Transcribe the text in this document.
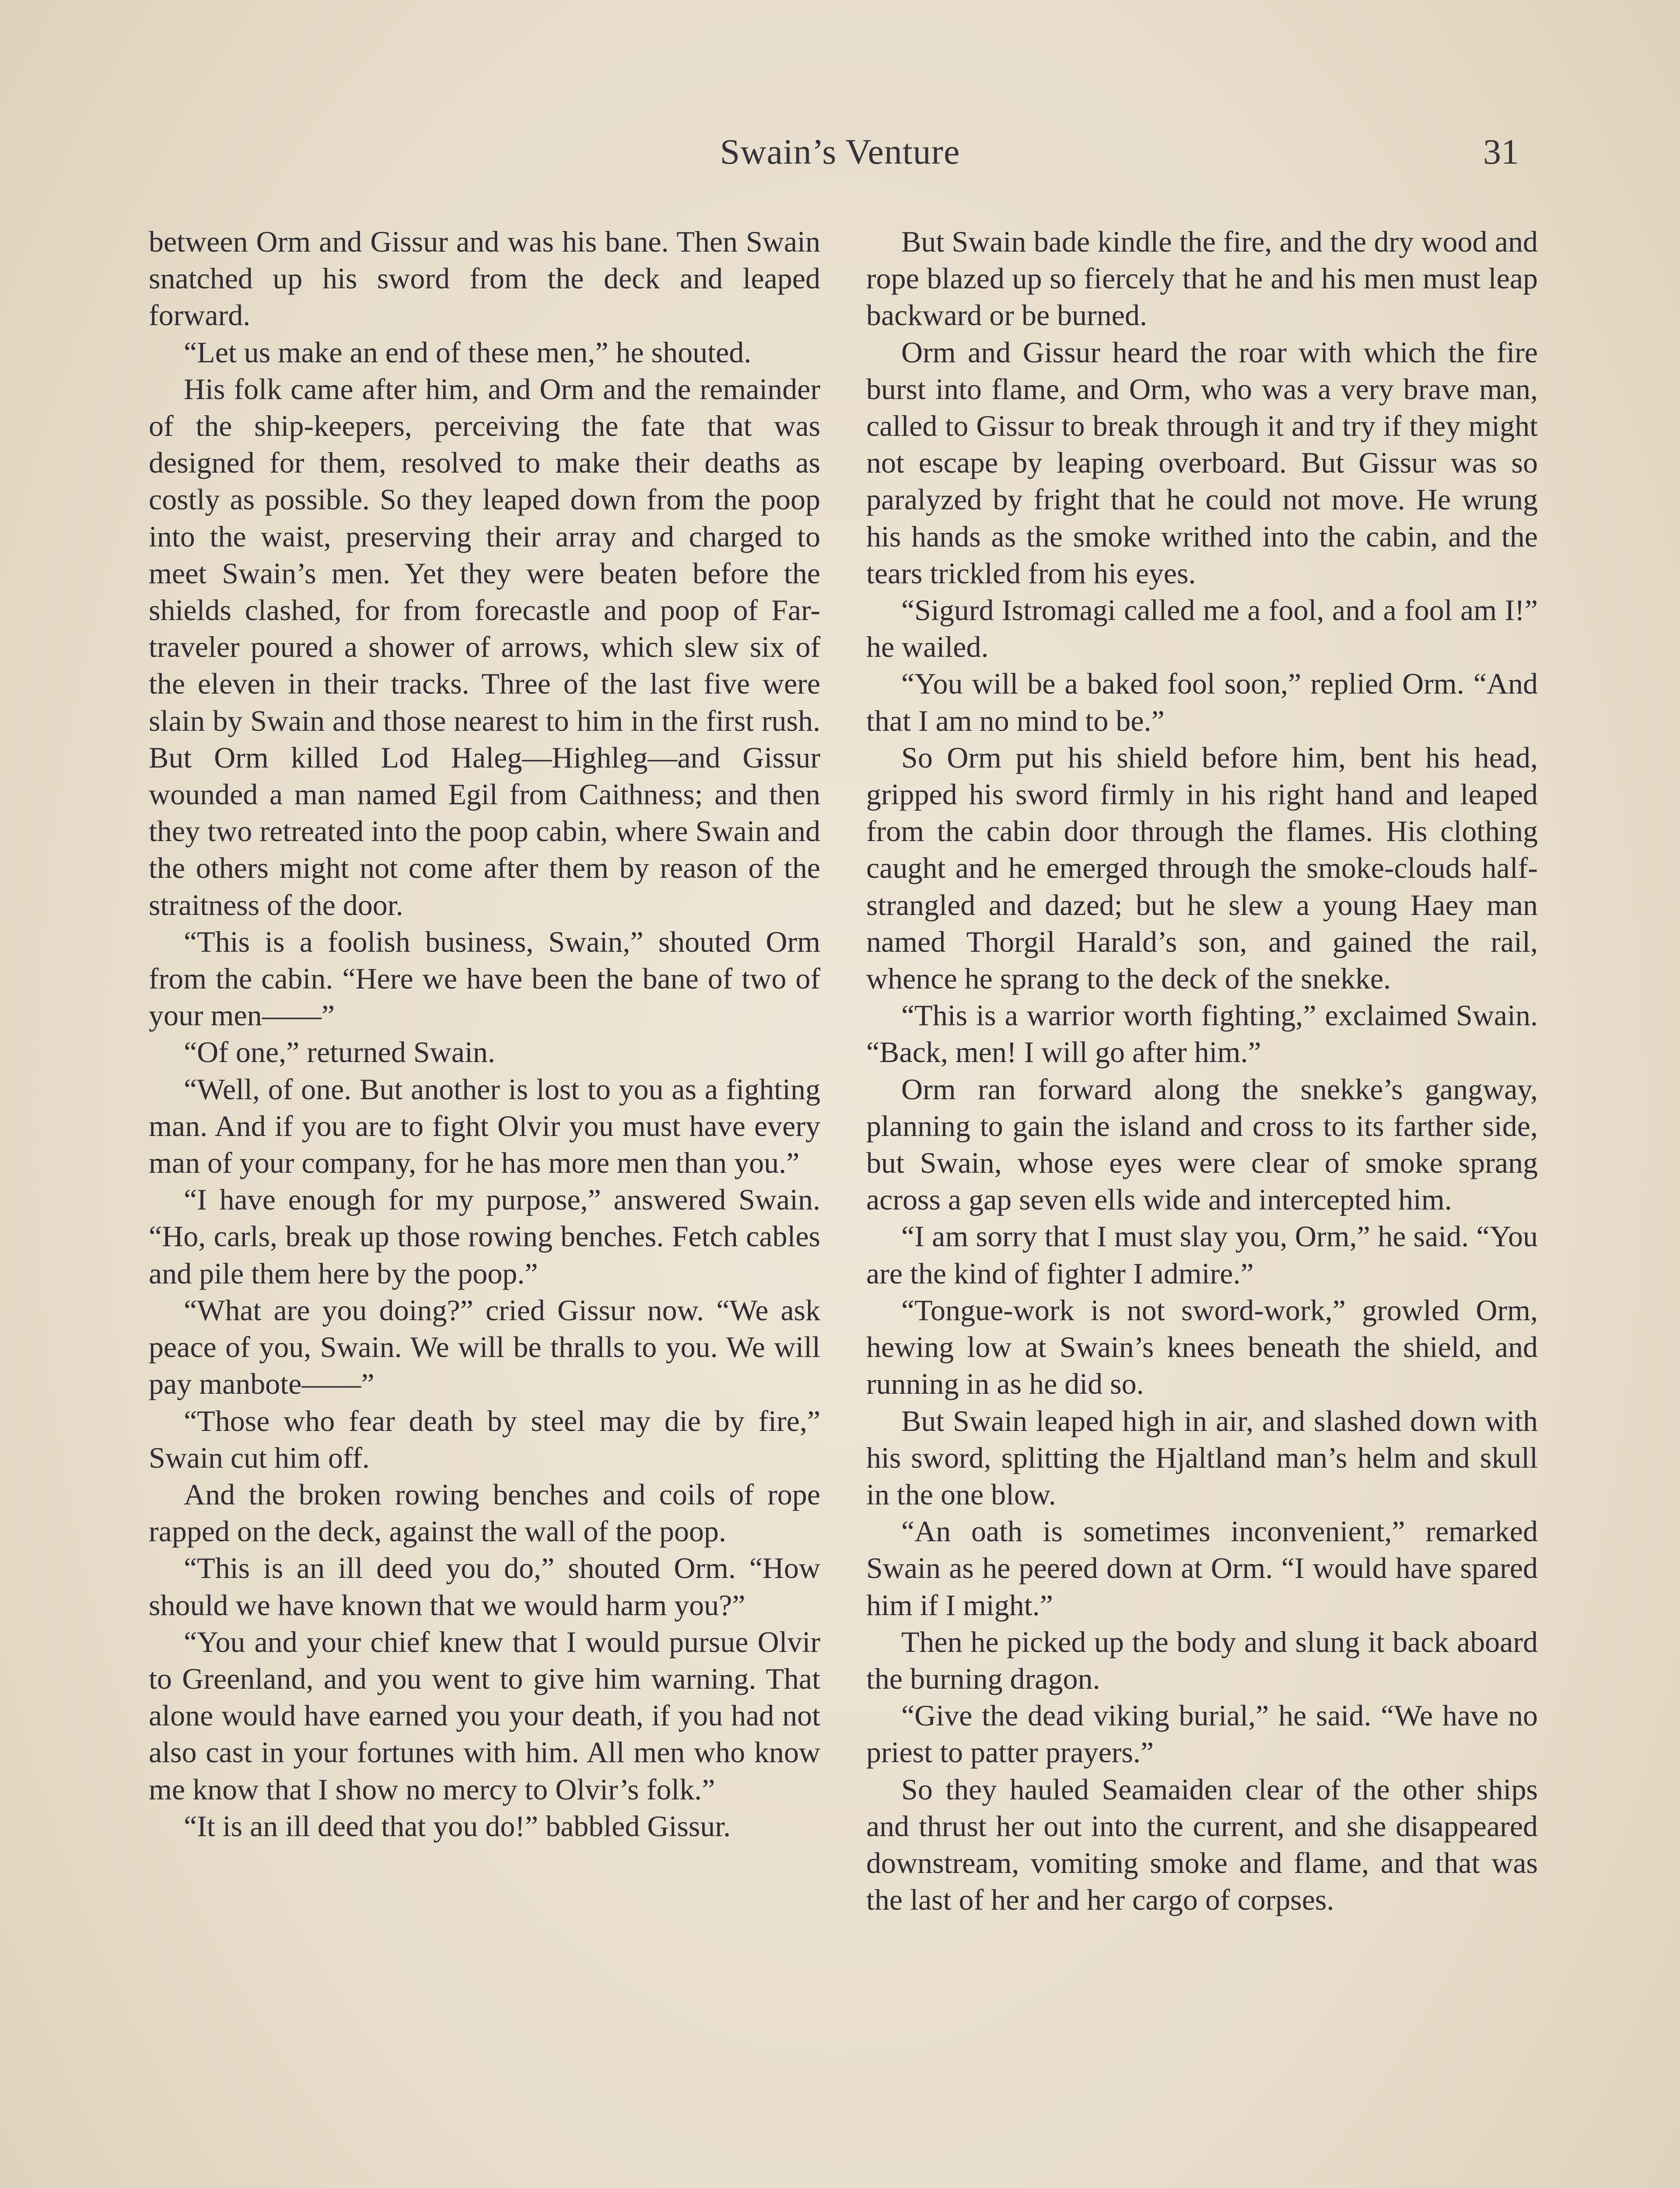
Swain’s Venture	31

between Orm and Gissur and was his bane. Then Swain snatched up his sword from the deck and leaped forward.

“Let us make an end of these men,” he shouted.

His folk came after him, and Orm and the remainder of the ship-keepers, perceiving the fate that was designed for them, resolved to make their deaths as costly as possible. So they leaped down from the poop into the waist, preserving their array and charged to meet Swain’s men. Yet they were beaten before the shields clashed, for from forecastle and poop of Far-traveler poured a shower of arrows, which slew six of the eleven in their tracks. Three of the last five were slain by Swain and those nearest to him in the first rush. But Orm killed Lod Haleg—Highleg—and Gissur wounded a man named Egil from Caithness; and then they two retreated into the poop cabin, where Swain and the others might not come after them by reason of the straitness of the door.

“This is a foolish business, Swain,” shouted Orm from the cabin. “Here we have been the bane of two of your men——”

“Of one,” returned Swain.

“Well, of one. But another is lost to you as a fighting man. And if you are to fight Olvir you must have every man of your company, for he has more men than you.”

“I have enough for my purpose,” answered Swain. “Ho, carls, break up those rowing benches. Fetch cables and pile them here by the poop.”

“What are you doing?” cried Gissur now. “We ask peace of you, Swain. We will be thralls to you. We will pay manbote——”

“Those who fear death by steel may die by fire,” Swain cut him off.

And the broken rowing benches and coils of rope rapped on the deck, against the wall of the poop.

“This is an ill deed you do,” shouted Orm. “How should we have known that we would harm you?”

“You and your chief knew that I would pursue Olvir to Greenland, and you went to give him warning. That alone would have earned you your death, if you had not also cast in your fortunes with him. All men who know me know that I show no mercy to Olvir’s folk.”

“It is an ill deed that you do!” babbled Gissur.

But Swain bade kindle the fire, and the dry wood and rope blazed up so fiercely that he and his men must leap backward or be burned.

Orm and Gissur heard the roar with which the fire burst into flame, and Orm, who was a very brave man, called to Gissur to break through it and try if they might not escape by leaping overboard. But Gissur was so paralyzed by fright that he could not move. He wrung his hands as the smoke writhed into the cabin, and the tears trickled from his eyes.

“Sigurd Istromagi called me a fool, and a fool am I!” he wailed.

“You will be a baked fool soon,” replied Orm. “And that I am no mind to be.”

So Orm put his shield before him, bent his head, gripped his sword firmly in his right hand and leaped from the cabin door through the flames. His clothing caught and he emerged through the smoke-clouds half-strangled and dazed; but he slew a young Haey man named Thorgil Harald’s son, and gained the rail, whence he sprang to the deck of the snekke.

“This is a warrior worth fighting,” exclaimed Swain. “Back, men! I will go after him.”

Orm ran forward along the snekke’s gangway, planning to gain the island and cross to its farther side, but Swain, whose eyes were clear of smoke sprang across a gap seven ells wide and intercepted him.

“I am sorry that I must slay you, Orm,” he said. “You are the kind of fighter I admire.”

“Tongue-work is not sword-work,” growled Orm, hewing low at Swain’s knees beneath the shield, and running in as he did so.

But Swain leaped high in air, and slashed down with his sword, splitting the Hjaltland man’s helm and skull in the one blow.

“An oath is sometimes inconvenient,” remarked Swain as he peered down at Orm. “I would have spared him if I might.”

Then he picked up the body and slung it back aboard the burning dragon.

“Give the dead viking burial,” he said. “We have no priest to patter prayers.”

So they hauled Seamaiden clear of the other ships and thrust her out into the current, and she disappeared downstream, vomiting smoke and flame, and that was the last of her and her cargo of corpses.
